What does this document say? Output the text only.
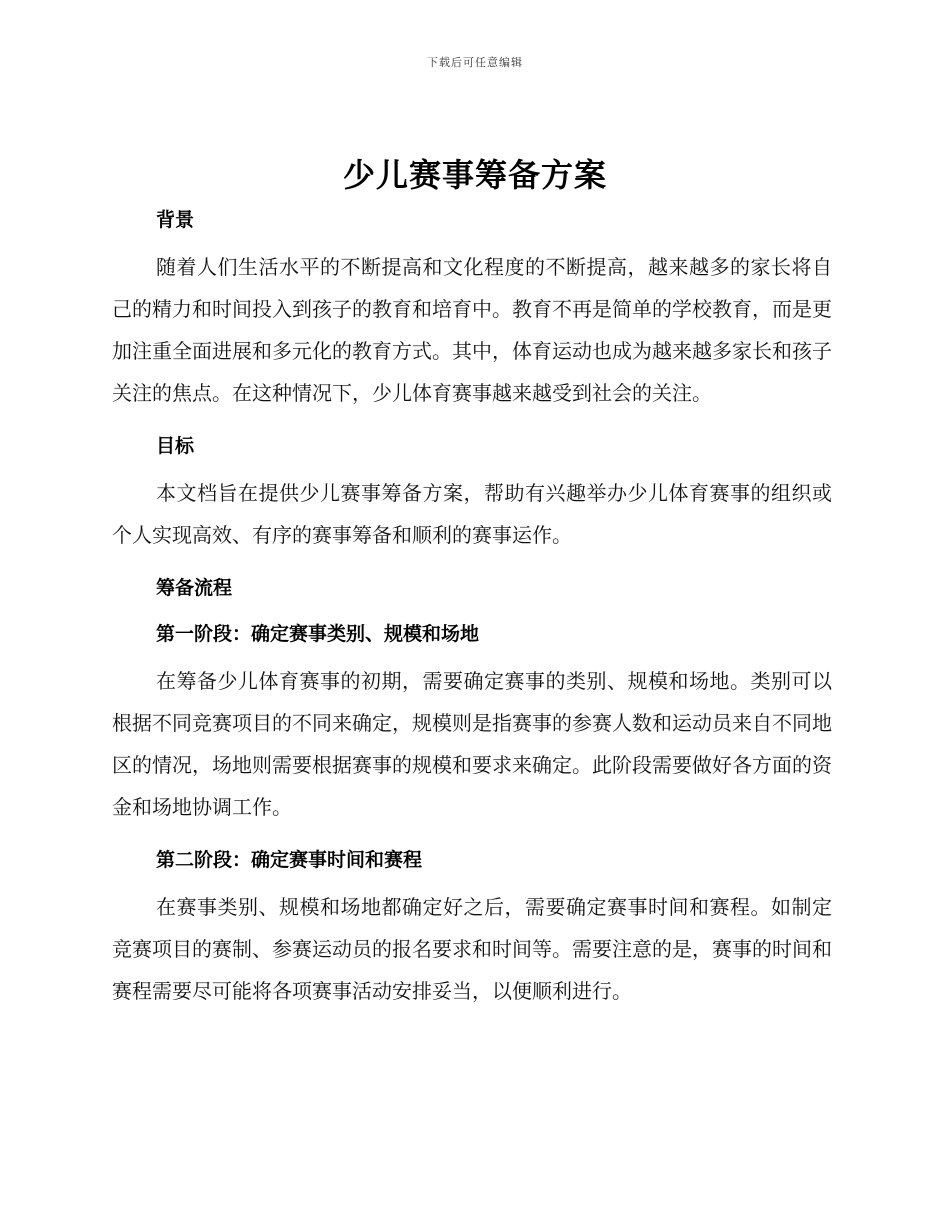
下载后可任意编辑
少儿赛事筹备方案
背景

随着人们生活水平的不断提高和文化程度的不断提高，越来越多的家长将自己的精力和时间投入到孩子的教育和培育中。教育不再是简单的学校教育，而是更加注重全面进展和多元化的教育方式。其中，体育运动也成为越来越多家长和孩子关注的焦点。在这种情况下，少儿体育赛事越来越受到社会的关注。

目标

本文档旨在提供少儿赛事筹备方案，帮助有兴趣举办少儿体育赛事的组织或个人实现高效、有序的赛事筹备和顺利的赛事运作。

筹备流程
第一阶段：确定赛事类别、规模和场地

在筹备少儿体育赛事的初期，需要确定赛事的类别、规模和场地。类别可以根据不同竞赛项目的不同来确定，规模则是指赛事的参赛人数和运动员来自不同地区的情况，场地则需要根据赛事的规模和要求来确定。此阶段需要做好各方面的资金和场地协调工作。

第二阶段：确定赛事时间和赛程

在赛事类别、规模和场地都确定好之后，需要确定赛事时间和赛程。如制定竞赛项目的赛制、参赛运动员的报名要求和时间等。需要注意的是，赛事的时间和赛程需要尽可能将各项赛事活动安排妥当，以便顺利进行。
